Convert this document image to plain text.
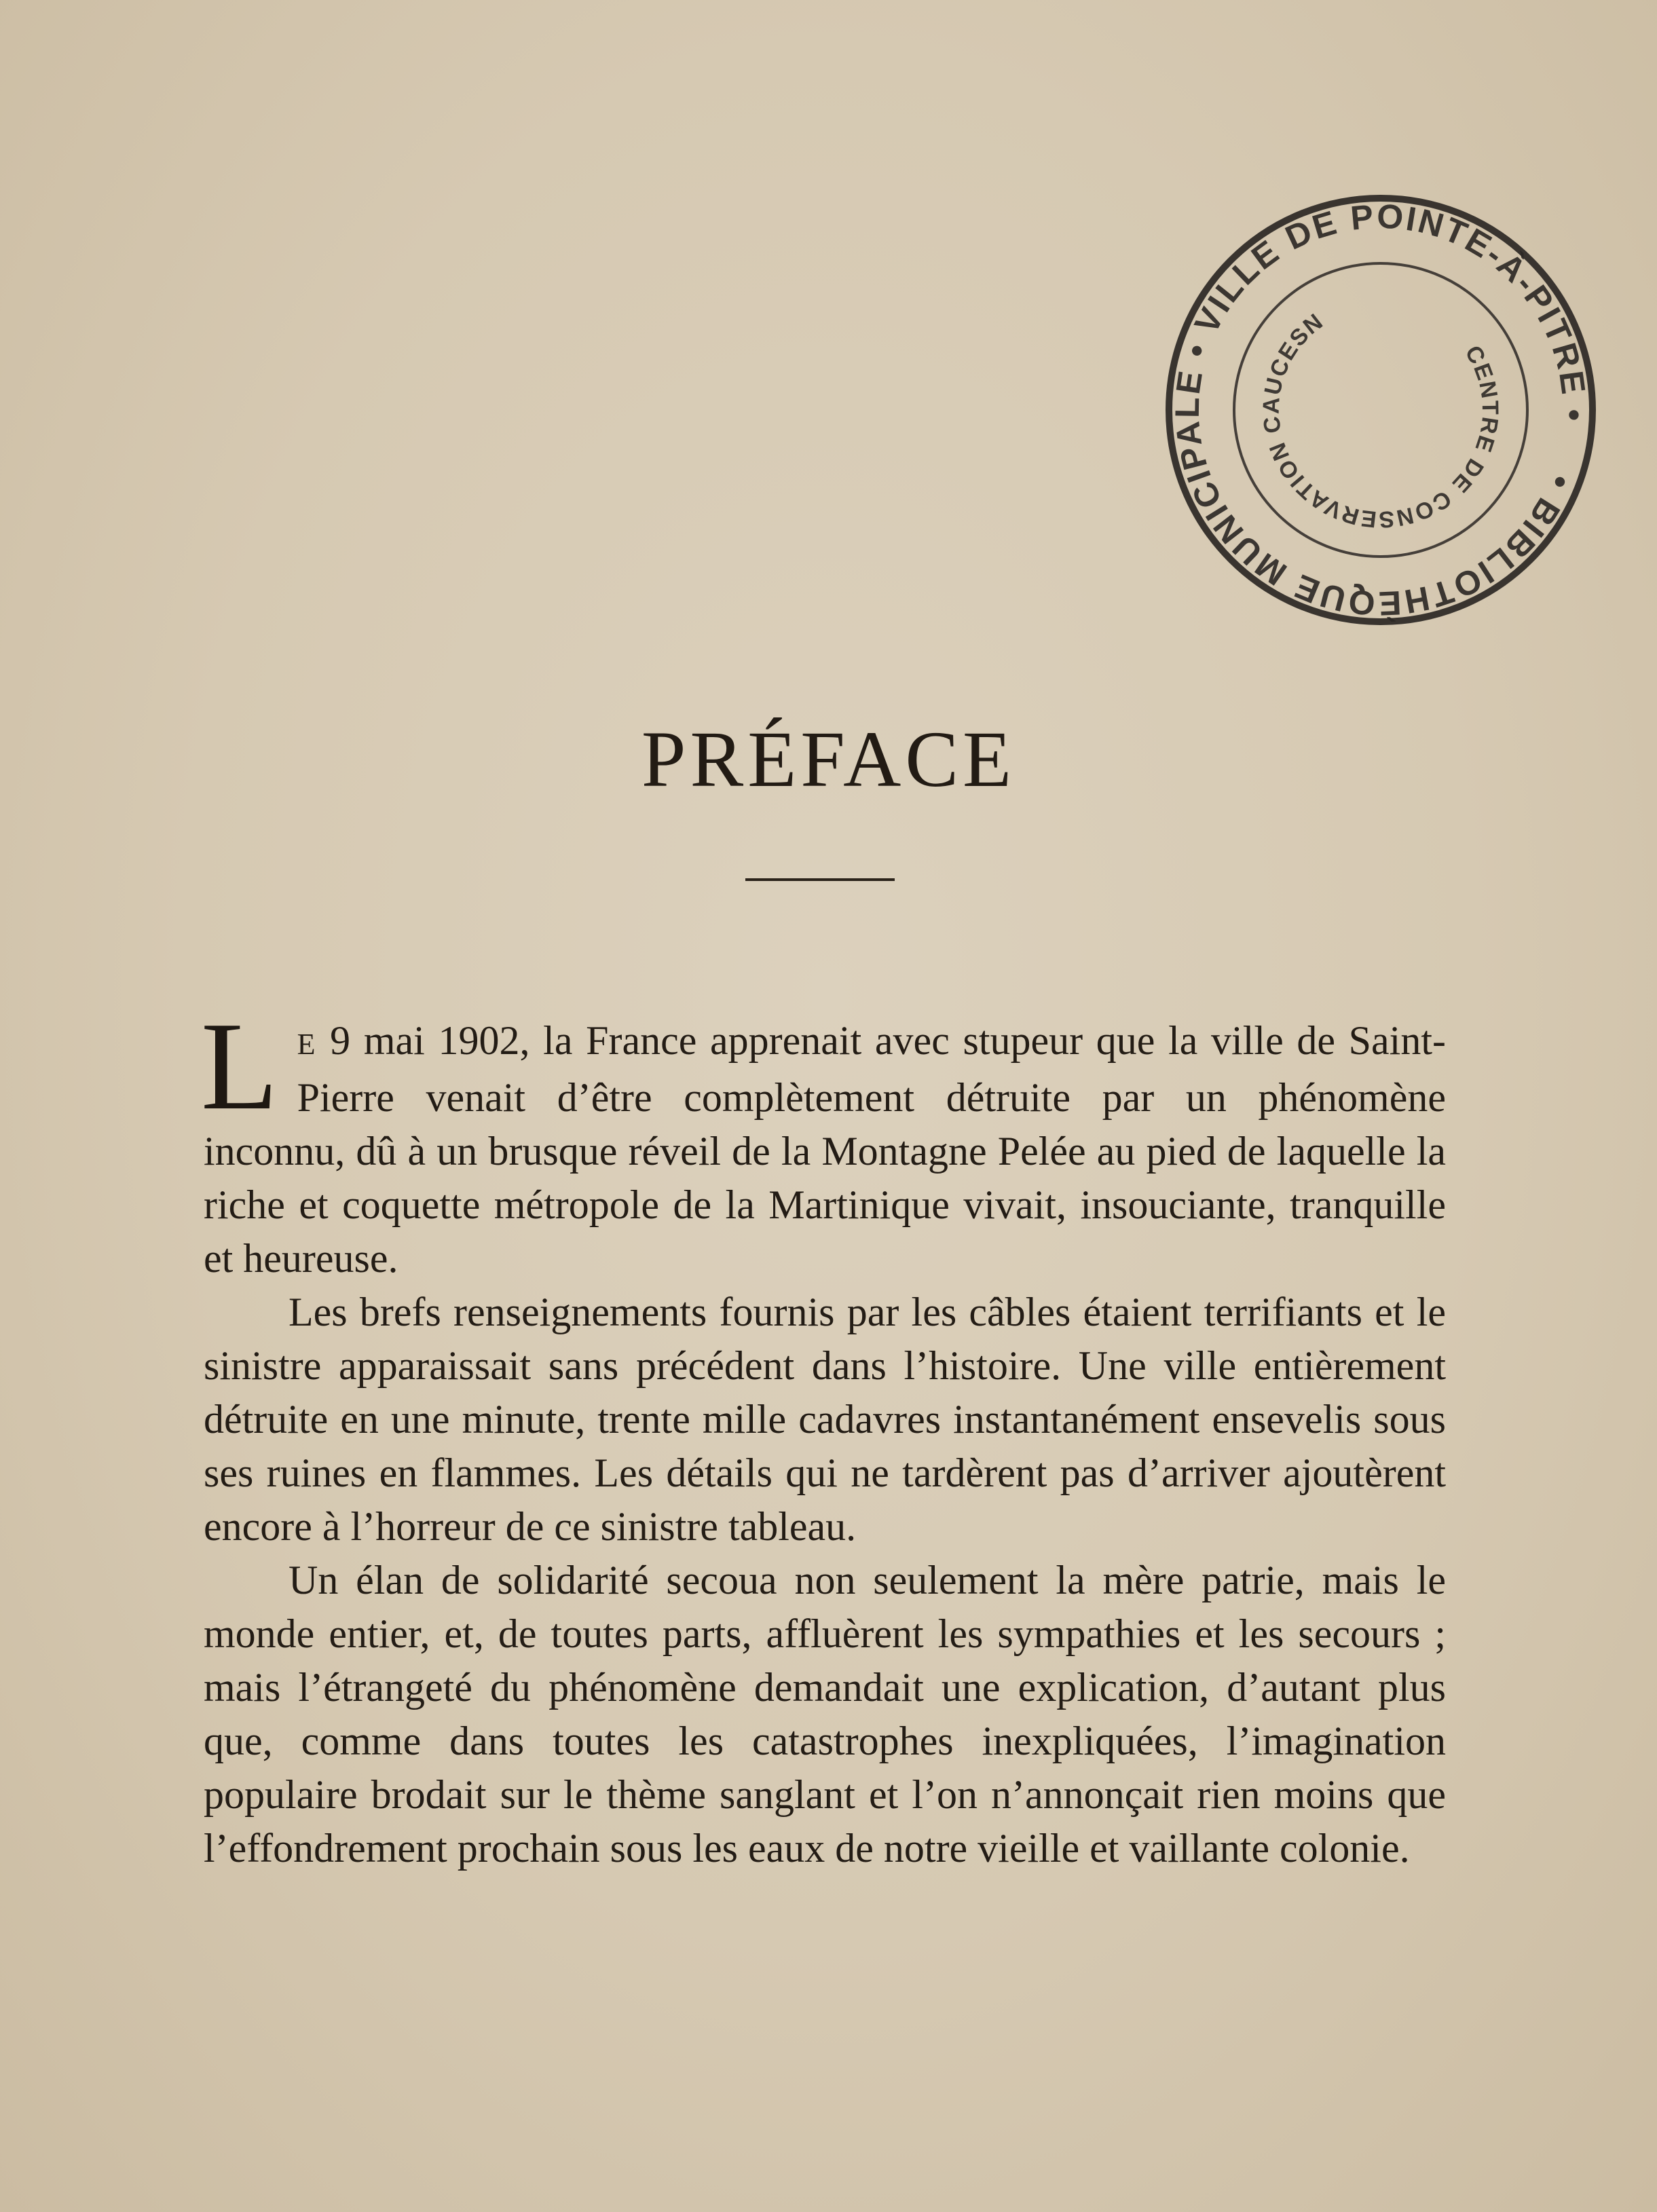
• BIBLIOTHÈQUE MUNICIPALE • VILLE DE POINTE-À-PITRE •
CENTRE DE CONSERVATION CAUCESN
PRÉFACE

L E 9 mai 1902, la France apprenait avec stupeur que la ville de Saint-Pierre venait d’être complètement détruite par un phénomène inconnu, dû à un brusque réveil de la Montagne Pelée au pied de laquelle la riche et coquette métropole de la Martinique vivait, insouciante, tranquille et heureuse.

Les brefs renseignements fournis par les câbles étaient terrifiants et le sinistre apparaissait sans précédent dans l’histoire. Une ville entièrement détruite en une minute, trente mille cadavres instantanément ensevelis sous ses ruines en flammes. Les détails qui ne tardèrent pas d’arriver ajoutèrent encore à l’horreur de ce sinistre tableau.

Un élan de solidarité secoua non seulement la mère patrie, mais le monde entier, et, de toutes parts, affluèrent les sympathies et les secours ; mais l’étrangeté du phénomène demandait une explication, d’autant plus que, comme dans toutes les catastrophes inexpliquées, l’imagination populaire brodait sur le thème sanglant et l’on n’annonçait rien moins que l’effondrement prochain sous les eaux de notre vieille et vaillante colonie.
